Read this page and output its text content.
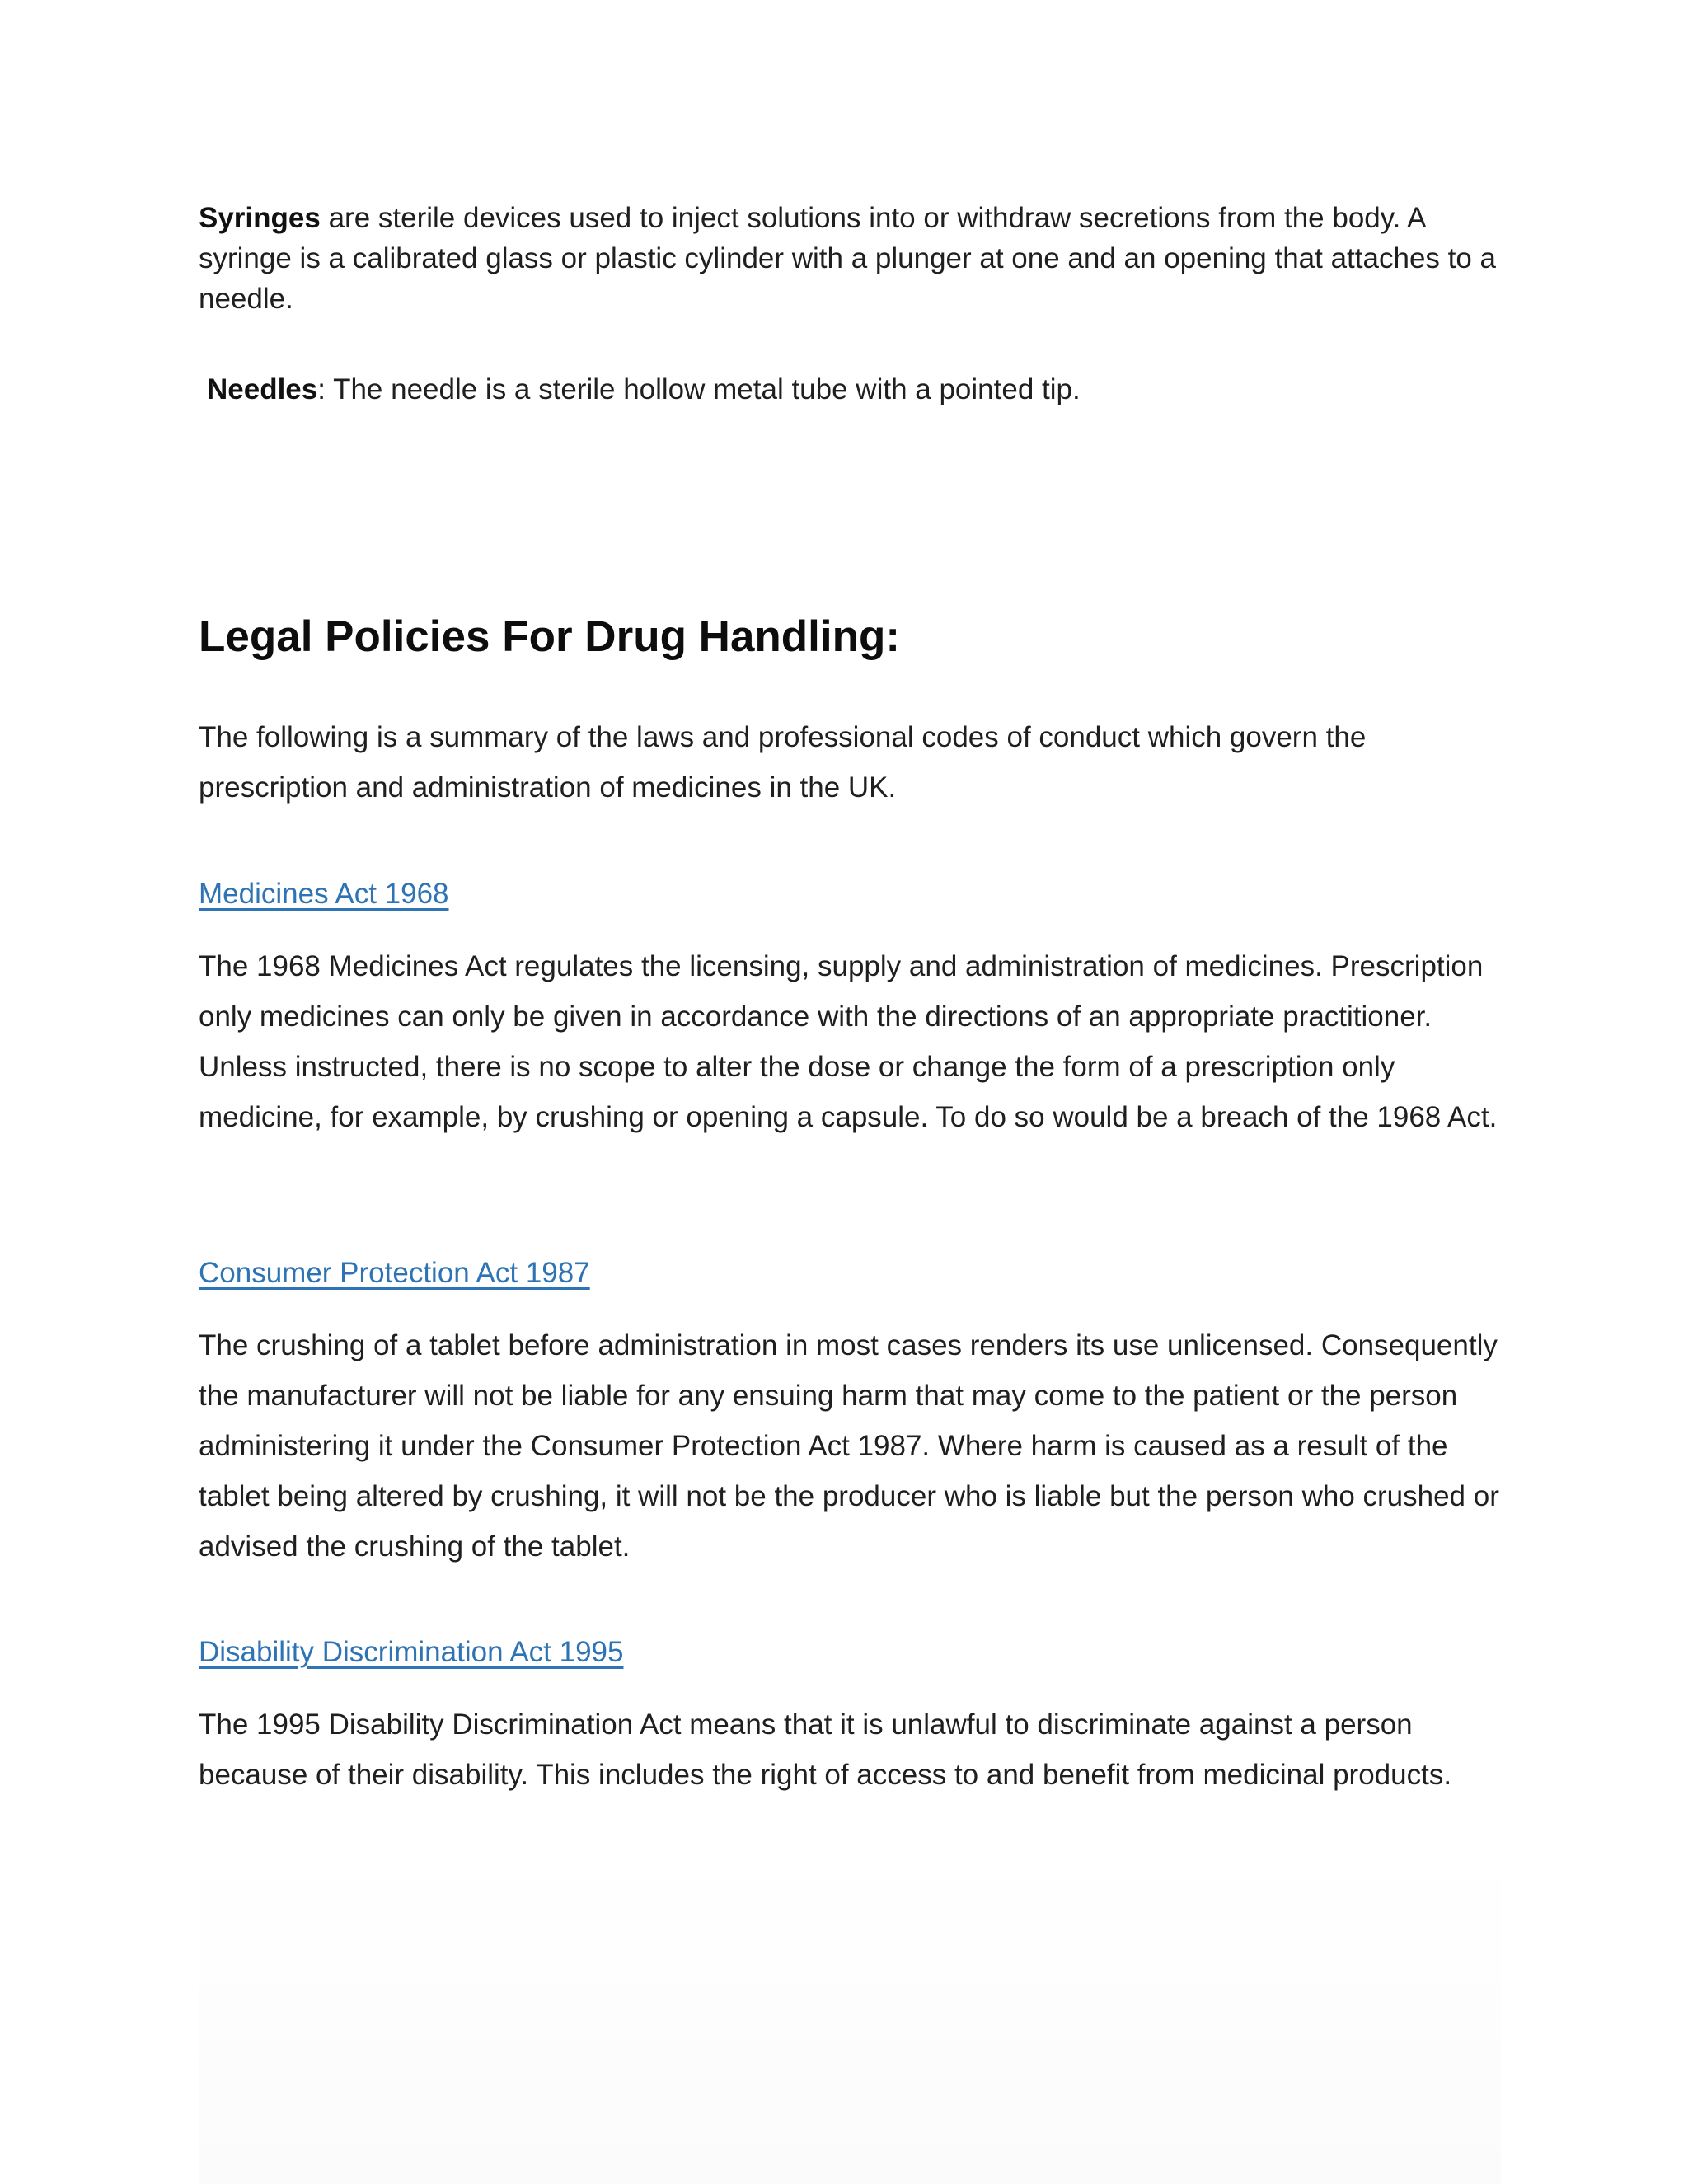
Syringes are sterile devices used to inject solutions into or withdraw secretions from the body. A syringe is a calibrated glass or plastic cylinder with a plunger at one and an opening that attaches to a needle.
Needles: The needle is a sterile hollow metal tube with a pointed tip.
Legal Policies For Drug Handling:

The following is a summary of the laws and professional codes of conduct which govern the prescription and administration of medicines in the UK.

Medicines Act 1968

The 1968 Medicines Act regulates the licensing, supply and administration of medicines. Prescription only medicines can only be given in accordance with the directions of an appropriate practitioner. Unless instructed, there is no scope to alter the dose or change the form of a prescription only medicine, for example, by crushing or opening a capsule. To do so would be a breach of the 1968 Act.

Consumer Protection Act 1987

The crushing of a tablet before administration in most cases renders its use unlicensed. Consequently the manufacturer will not be liable for any ensuing harm that may come to the patient or the person administering it under the Consumer Protection Act 1987. Where harm is caused as a result of the tablet being altered by crushing, it will not be the producer who is liable but the person who crushed or advised the crushing of the tablet.

Disability Discrimination Act 1995

The 1995 Disability Discrimination Act means that it is unlawful to discriminate against a person because of their disability. This includes the right of access to and benefit from medicinal products.
